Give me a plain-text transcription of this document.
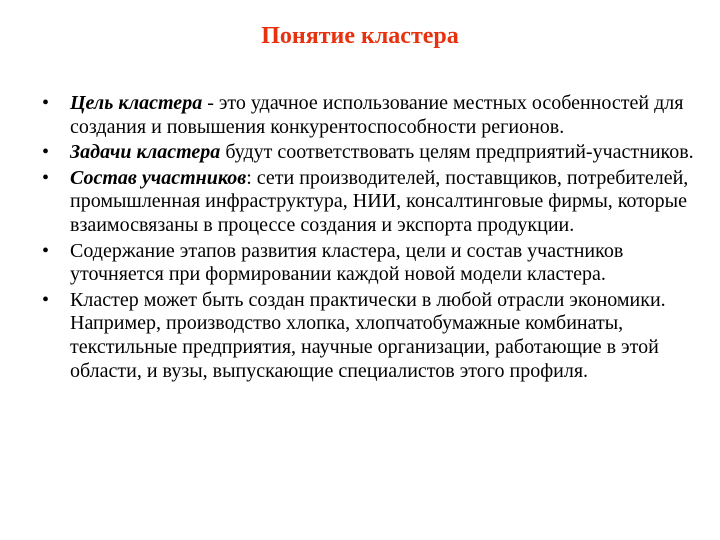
Понятие кластера
•	Цель кластера - это удачное использование местных особенностей для создания и повышения конкурентоспособности регионов.
•	Задачи кластера будут соответствовать целям предприятий-участников.
•	Состав участников: сети производителей, поставщиков, потребителей, промышленная инфраструктура, НИИ, консалтинговые фирмы, которые взаимосвязаны в процессе создания и экспорта продукции.
•	Содержание этапов развития кластера, цели и состав участников уточняется при формировании каждой новой модели кластера.
•	Кластер может быть создан практически в любой отрасли экономики. Например, производство хлопка, хлопчатобумажные комбинаты, текстильные предприятия, научные организации, работающие в этой области, и вузы, выпускающие специалистов этого профиля.
